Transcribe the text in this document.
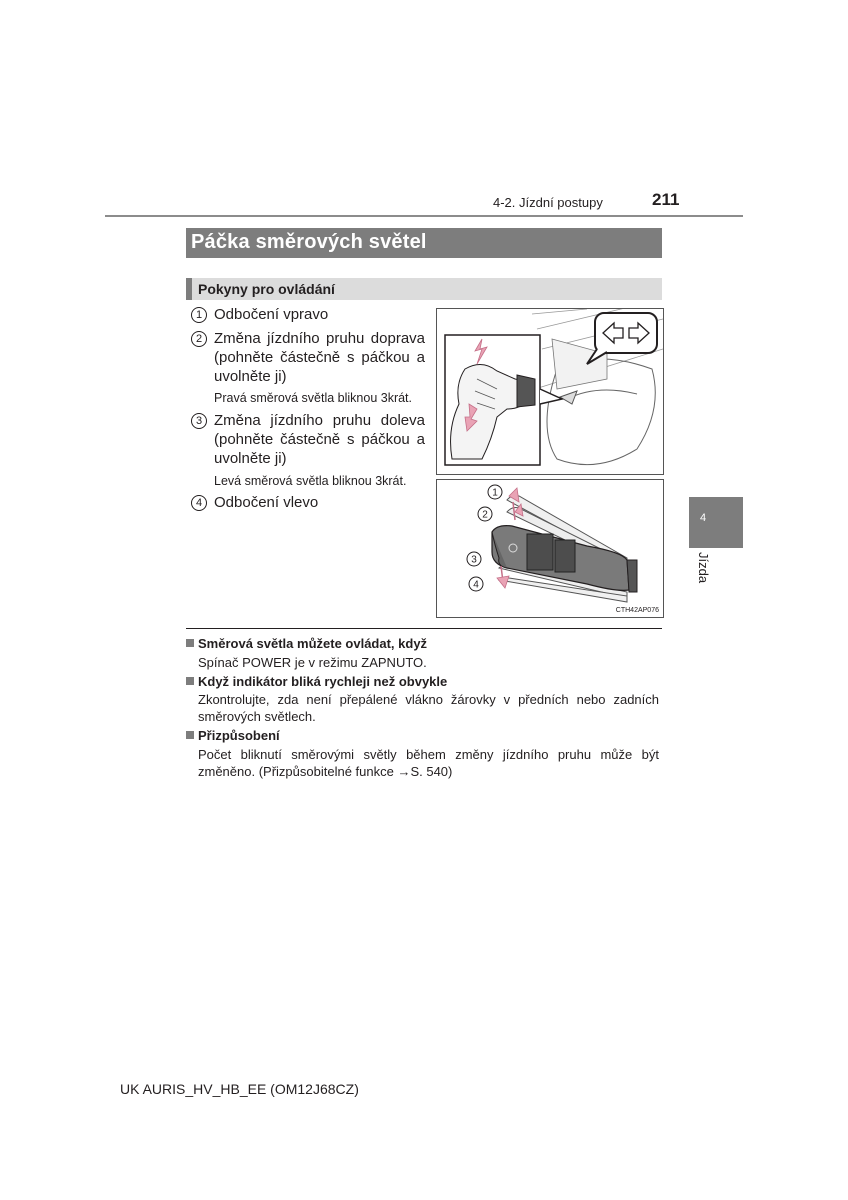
4-2. Jízdní postupy	211
Páčka směrových světel
Pokyny pro ovládání
1 Odbočení vpravo
2 Změna jízdního pruhu doprava (pohněte částečně s páčkou a uvolněte ji)
Pravá směrová světla bliknou 3krát.
3 Změna jízdního pruhu doleva (pohněte částečně s páčkou a uvolněte ji)
Levá směrová světla bliknou 3krát.
4 Odbočení vlevo
1
2
3
4
CTH42AP076
Směrová světla můžete ovládat, když
Spínač POWER je v režimu ZAPNUTO.
Když indikátor bliká rychleji než obvykle
Zkontrolujte, zda není přepálené vlákno žárovky v předních nebo zadních směrových světlech.
Přizpůsobení
Počet bliknutí směrovými světly během změny jízdního pruhu může být změněno. (Přizpůsobitelné funkce →S. 540)
4
Jízda
UK AURIS_HV_HB_EE (OM12J68CZ)
